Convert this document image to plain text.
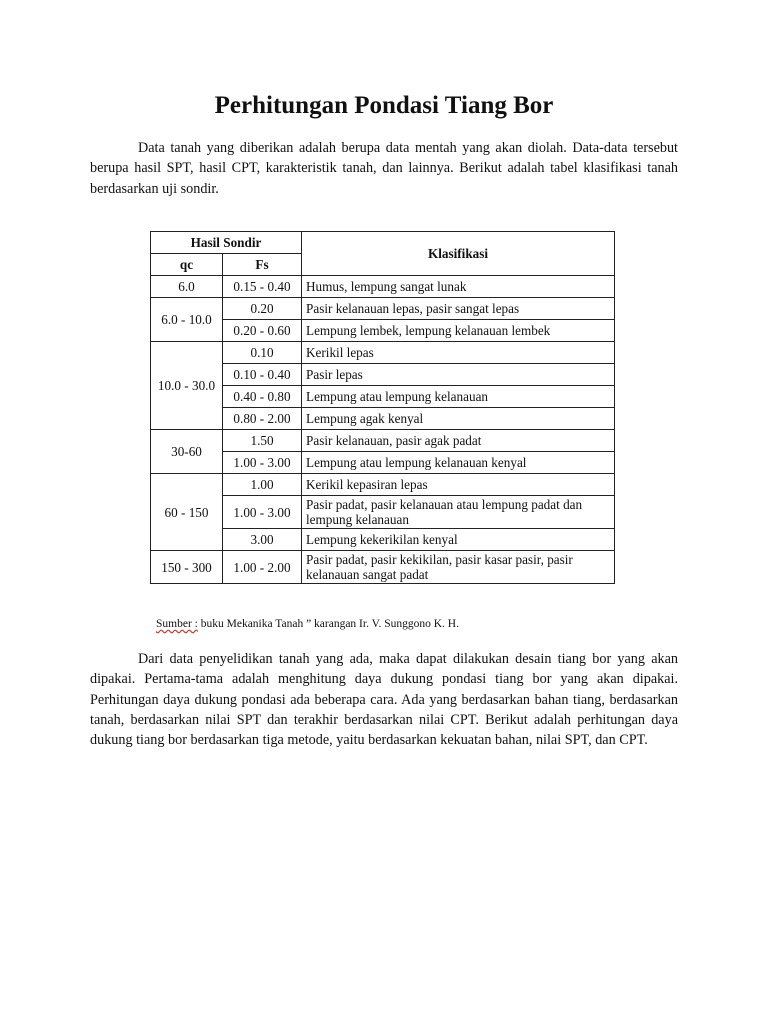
Perhitungan Pondasi Tiang Bor

Data tanah yang diberikan adalah berupa data mentah yang akan diolah. Data-data tersebut berupa hasil SPT, hasil CPT, karakteristik tanah, dan lainnya. Berikut adalah tabel klasifikasi tanah berdasarkan uji sondir.

Hasil Sondir		Klasifikasi
qc	Fs	
6.0	0.15 - 0.40	Humus, lempung sangat lunak
6.0 - 10.0	0.20	Pasir kelanauan lepas, pasir sangat lepas
	0.20 - 0.60	Lempung lembek, lempung kelanauan lembek
10.0 - 30.0	0.10	Kerikil lepas
	0.10 - 0.40	Pasir lepas
	0.40 - 0.80	Lempung atau lempung kelanauan
	0.80 - 2.00	Lempung agak kenyal
30-60	1.50	Pasir kelanauan, pasir agak padat
	1.00 - 3.00	Lempung atau lempung kelanauan kenyal
60 - 150	1.00	Kerikil kepasiran lepas
	1.00 - 3.00	Pasir padat, pasir kelanauan atau lempung padat dan lempung kelanauan
	3.00	Lempung kekerikilan kenyal
150 - 300	1.00 - 2.00	Pasir padat, pasir kekikilan, pasir kasar pasir, pasir kelanauan sangat padat
Sumber : buku Mekanika Tanah ” karangan Ir. V. Sunggono K. H.

Dari data penyelidikan tanah yang ada, maka dapat dilakukan desain tiang bor yang akan dipakai. Pertama-tama adalah menghitung daya dukung pondasi tiang bor yang akan dipakai. Perhitungan daya dukung pondasi ada beberapa cara. Ada yang berdasarkan bahan tiang, berdasarkan tanah, berdasarkan nilai SPT dan terakhir berdasarkan nilai CPT. Berikut adalah perhitungan daya dukung tiang bor berdasarkan tiga metode, yaitu berdasarkan kekuatan bahan, nilai SPT, dan CPT.
